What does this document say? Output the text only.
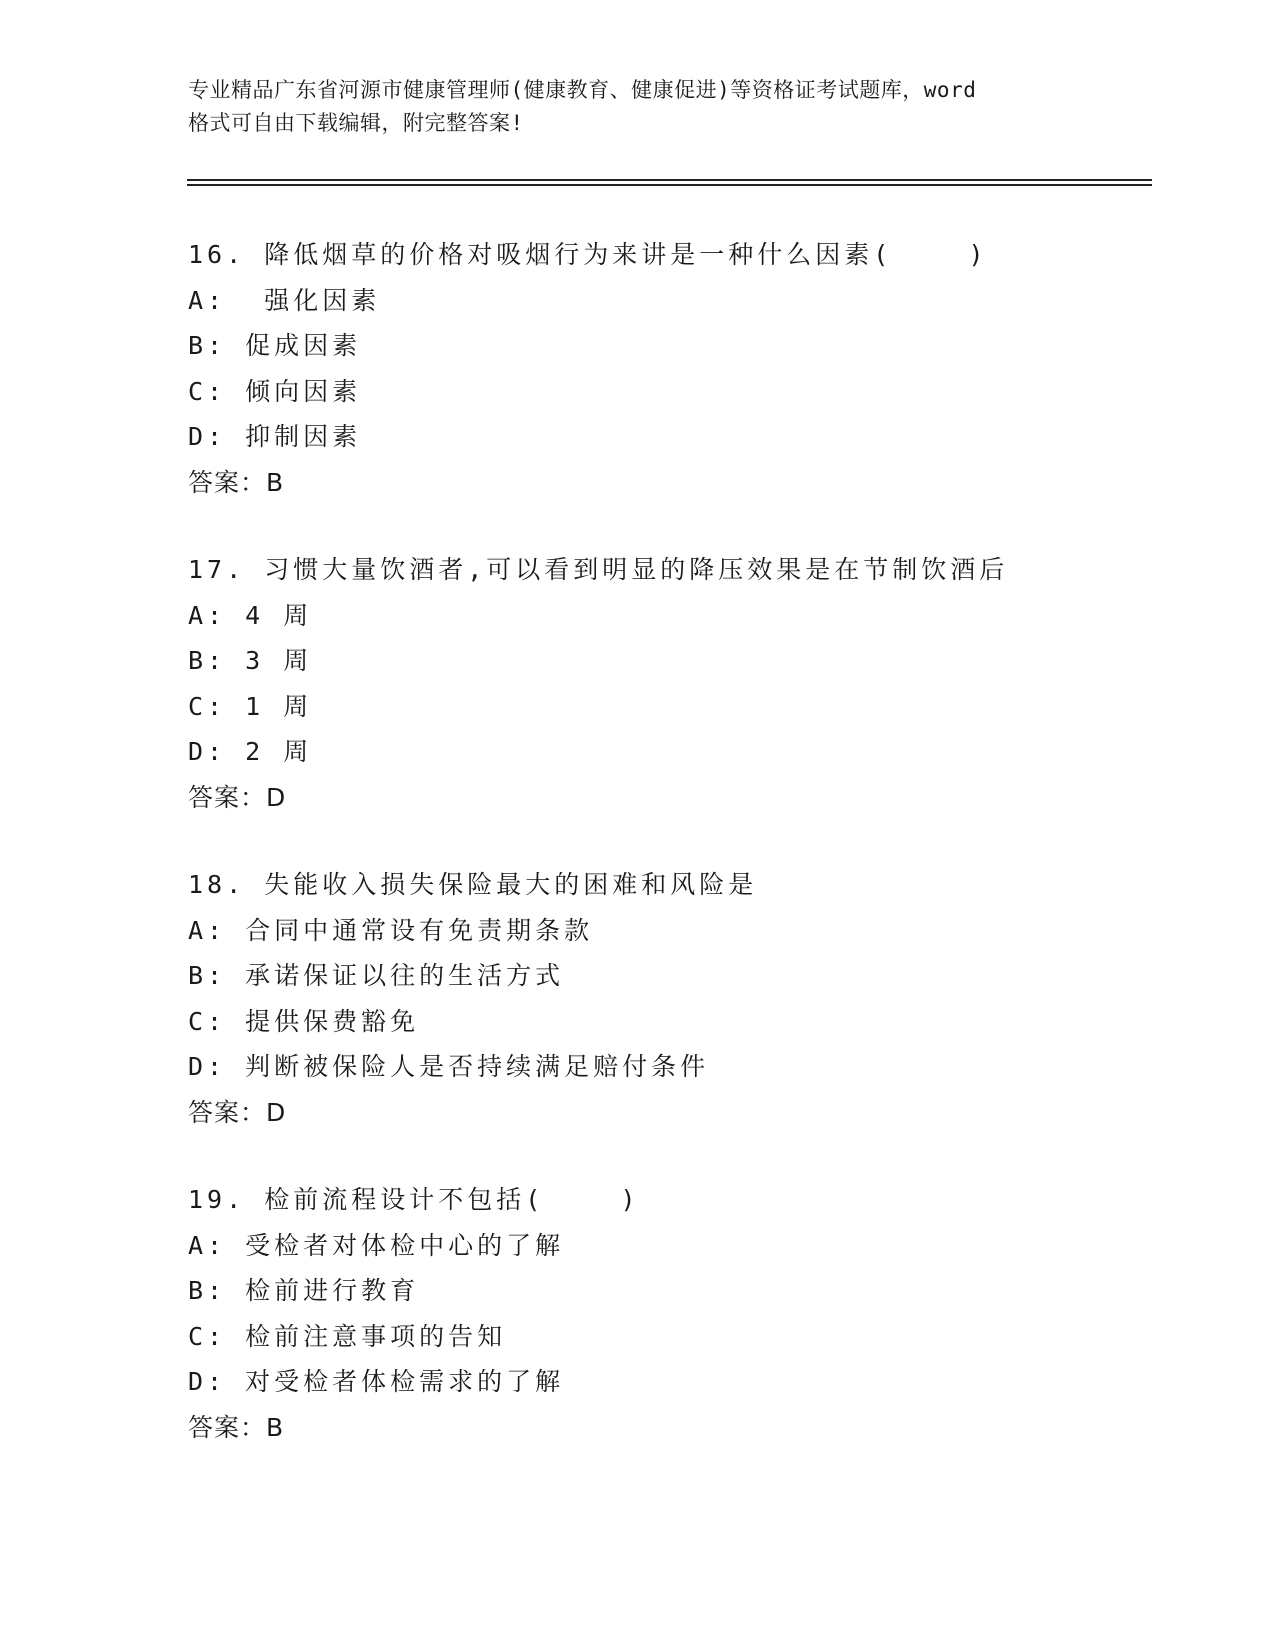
专业精品广东省河源市健康管理师(健康教育、健康促进)等资格证考试题库，word
格式可自由下载编辑，附完整答案!
16. 降低烟草的价格对吸烟行为来讲是一种什么因素(    )
A:  强化因素
B: 促成因素
C: 倾向因素
D: 抑制因素
答案：B
17. 习惯大量饮酒者,可以看到明显的降压效果是在节制饮酒后
A: 4 周
B: 3 周
C: 1 周
D: 2 周
答案：D
18. 失能收入损失保险最大的困难和风险是
A: 合同中通常设有免责期条款
B: 承诺保证以往的生活方式
C: 提供保费豁免
D: 判断被保险人是否持续满足赔付条件
答案：D
19. 检前流程设计不包括(    )
A: 受检者对体检中心的了解
B: 检前进行教育
C: 检前注意事项的告知
D: 对受检者体检需求的了解
答案：B
